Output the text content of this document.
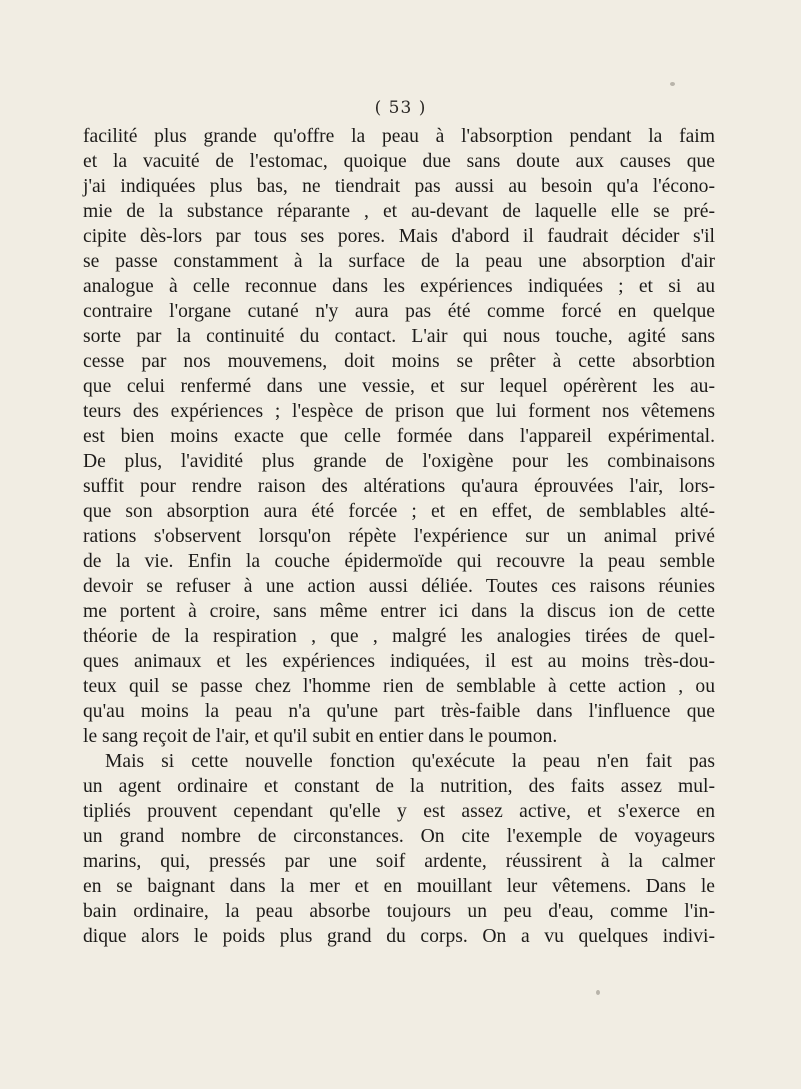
( 53 )
facilité plus grande qu'offre la peau à l'absorption pendant la faim
et la vacuité de l'estomac, quoique due sans doute aux causes que
j'ai indiquées plus bas, ne tiendrait pas aussi au besoin qu'a l'écono-
mie de la substance réparante , et au-devant de laquelle elle se pré-
cipite dès-lors par tous ses pores. Mais d'abord il faudrait décider s'il
se passe constamment à la surface de la peau une absorption d'air
analogue à celle reconnue dans les expériences indiquées ; et si au
contraire l'organe cutané n'y aura pas été comme forcé en quelque
sorte par la continuité du contact. L'air qui nous touche, agité sans
cesse par nos mouvemens, doit moins se prêter à cette absorbtion
que celui renfermé dans une vessie, et sur lequel opérèrent les au-
teurs des expériences ; l'espèce de prison que lui forment nos vêtemens
est bien moins exacte que celle formée dans l'appareil expérimental.
De plus, l'avidité plus grande de l'oxigène pour les combinaisons
suffit pour rendre raison des altérations qu'aura éprouvées l'air, lors-
que son absorption aura été forcée ; et en effet, de semblables alté-
rations s'observent lorsqu'on répète l'expérience sur un animal privé
de la vie. Enfin la couche épidermoïde qui recouvre la peau semble
devoir se refuser à une action aussi déliée. Toutes ces raisons réunies
me portent à croire, sans même entrer ici dans la discus ion de cette
théorie de la respiration , que , malgré les analogies tirées de quel-
ques animaux et les expériences indiquées, il est au moins très-dou-
teux quil se passe chez l'homme rien de semblable à cette action , ou
qu'au moins la peau n'a qu'une part très-faible dans l'influence que
le sang reçoit de l'air, et qu'il subit en entier dans le poumon.
Mais si cette nouvelle fonction qu'exécute la peau n'en fait pas
un agent ordinaire et constant de la nutrition, des faits assez mul-
tipliés prouvent cependant qu'elle y est assez active, et s'exerce en
un grand nombre de circonstances. On cite l'exemple de voyageurs
marins, qui, pressés par une soif ardente, réussirent à la calmer
en se baignant dans la mer et en mouillant leur vêtemens. Dans le
bain ordinaire, la peau absorbe toujours un peu d'eau, comme l'in-
dique alors le poids plus grand du corps. On a vu quelques indivi-
